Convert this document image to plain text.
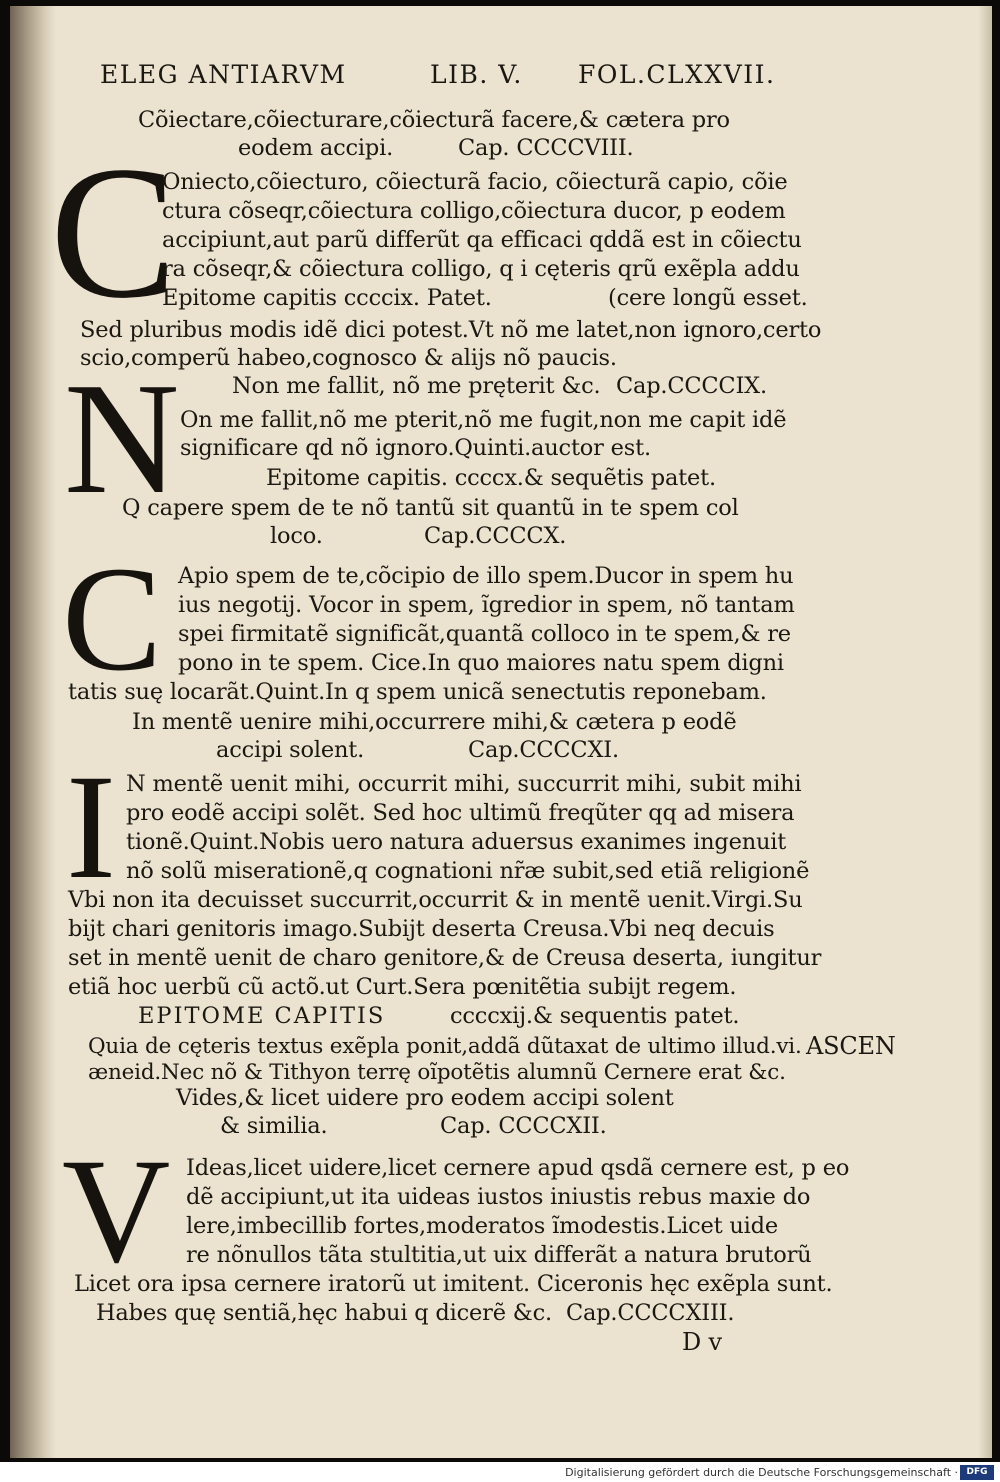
ELEG ANTIARVM	LIB. V. FOL.CLXXVII.
Cõiectare,cõiecturare,cõiecturã facere,& cætera pro
eodem accipi.	Cap. CCCCVIII.
C
Oniecto,cõiecturo, cõiecturã facio, cõiecturã capio, cõie
ctura cõseqr,cõiectura colligo,cõiectura ducor, p eodem
accipiunt,aut parũ differũt qa efficaci qddã est in cõiectu
ra cõseqr,& cõiectura colligo, q i cęteris qrũ exẽpla addu
Epitome capitis ccccix. Patet.	(cere longũ esset.
Sed pluribus modis idẽ dici potest.Vt nõ me latet,non ignoro,certo
scio,comperũ habeo,cognosco & alijs nõ paucis.
N Non me fallit, nõ me pręterit &c. Cap.CCCCIX.
On me fallit,nõ me pterit,nõ me fugit,non me capit idẽ
significare qd nõ ignoro.Quinti.auctor est.
Epitome capitis. ccccx.& sequẽtis patet.
Q capere spem de te nõ tantũ sit quantũ in te spem col
loco.	Cap.CCCCX.
C Apio spem de te,cõcipio de illo spem.Ducor in spem hu
ius negotij. Vocor in spem, ĩgredior in spem, nõ tantam
spei firmitatẽ significãt,quantã colloco in te spem,& re
pono in te spem. Cice.In quo maiores natu spem digni
tatis suę locarãt.Quint.In q spem unicã senectutis reponebam.
In mentẽ uenire mihi,occurrere mihi,& cætera p eodẽ
accipi solent.	Cap.CCCCXI.
I N mentẽ uenit mihi, occurrit mihi, succurrit mihi, subit mihi
pro eodẽ accipi solẽt. Sed hoc ultimũ freqũter qq ad misera
tionẽ.Quint.Nobis uero natura aduersus exanimes ingenuit
nõ solũ miserationẽ,q cognationi nr̃æ subit,sed etiã religionẽ
Vbi non ita decuisset succurrit,occurrit & in mentẽ uenit.Virgi.Su
bijt chari genitoris imago.Subijt deserta Creusa.Vbi neq decuis
set in mentẽ uenit de charo genitore,& de Creusa deserta, iungitur
etiã hoc uerbũ cũ actõ.ut Curt.Sera pœnitẽtia subijt regem.
EPITOME CAPITIS	ccccxij.& sequentis patet.
Quia de cęteris textus exẽpla ponit,addã dũtaxat de ultimo illud.vi.
æneid.Nec nõ & Tithyon terrę oĩpotẽtis alumnũ Cernere erat &c.
ASCEN
Vides,& licet uidere pro eodem accipi solent
& similia.	Cap. CCCCXII.
V Ideas,licet uidere,licet cernere apud qsdã cernere est, p eo
dẽ accipiunt,ut ita uideas iustos iniustis rebus maxie do
lere,imbecillib fortes,moderatos ĩmodestis.Licet uide
re nõnullos tãta stultitia,ut uix differãt a natura brutorũ
Licet ora ipsa cernere iratorũ ut imitent. Ciceronis hęc exẽpla sunt.
Habes quę sentiã,hęc habui q dicerẽ &c. Cap.CCCCXIII.
D v
Digitalisierung gefördert durch die Deutsche Forschungsgemeinschaft · DFG
